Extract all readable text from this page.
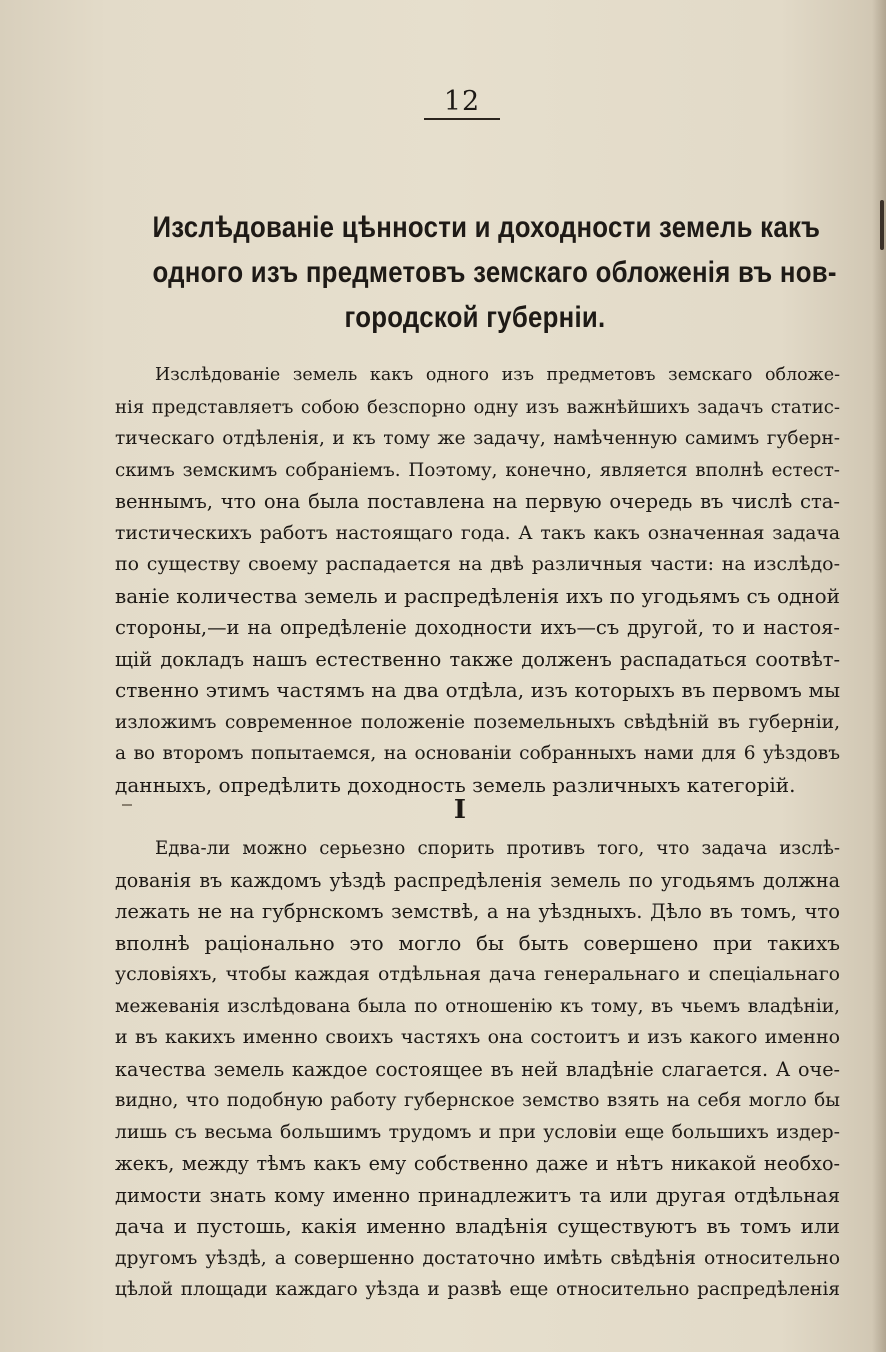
12
Изслѣдованіе цѣнности и доходности земель какъ
одного изъ предметовъ земскаго обложенія въ нов-
городской губерніи.
Изслѣдованіе земель какъ одного изъ предметовъ земскаго обложе-
нія представляетъ собою безспорно одну изъ важнѣйшихъ задачъ статис-
тическаго отдѣленія, и къ тому же задачу, намѣченную самимъ губерн-
скимъ земскимъ собраніемъ. Поэтому, конечно, является вполнѣ естест-
веннымъ, что она была поставлена на первую очередь въ числѣ ста-
тистическихъ работъ настоящаго года. А такъ какъ означенная задача
по существу своему распадается на двѣ различныя части: на изслѣдо-
ваніе количества земель и распредѣленія ихъ по угодьямъ съ одной
стороны,—и на опредѣленіе доходности ихъ—съ другой, то и настоя-
щій докладъ нашъ естественно также долженъ распадаться соотвѣт-
ственно этимъ частямъ на два отдѣла, изъ которыхъ въ первомъ мы
изложимъ современное положеніе поземельныхъ свѣдѣній въ губерніи,
а во второмъ попытаемся, на основаніи собранныхъ нами для 6 уѣздовъ
данныхъ, опредѣлить доходность земель различныхъ категорій.
I
Едва-ли можно серьезно спорить противъ того, что задача изслѣ-
дованія въ каждомъ уѣздѣ распредѣленія земель по угодьямъ должна
лежать не на губрнскомъ земствѣ, а на уѣздныхъ. Дѣло въ томъ, что
вполнѣ раціонально это могло бы быть совершено при такихъ
условіяхъ, чтобы каждая отдѣльная дача генеральнаго и спеціальнаго
межеванія изслѣдована была по отношенію къ тому, въ чьемъ владѣніи,
и въ какихъ именно своихъ частяхъ она состоитъ и изъ какого именно
качества земель каждое состоящее въ ней владѣніе слагается. А оче-
видно, что подобную работу губернское земство взять на себя могло бы
лишь съ весьма большимъ трудомъ и при условіи еще большихъ издер-
жекъ, между тѣмъ какъ ему собственно даже и нѣтъ никакой необхо-
димости знать кому именно принадлежитъ та или другая отдѣльная
дача и пустошь, какія именно владѣнія существуютъ въ томъ или
другомъ уѣздѣ, а совершенно достаточно имѣть свѣдѣнія относительно
цѣлой площади каждаго уѣзда и развѣ еще относительно распредѣленія
